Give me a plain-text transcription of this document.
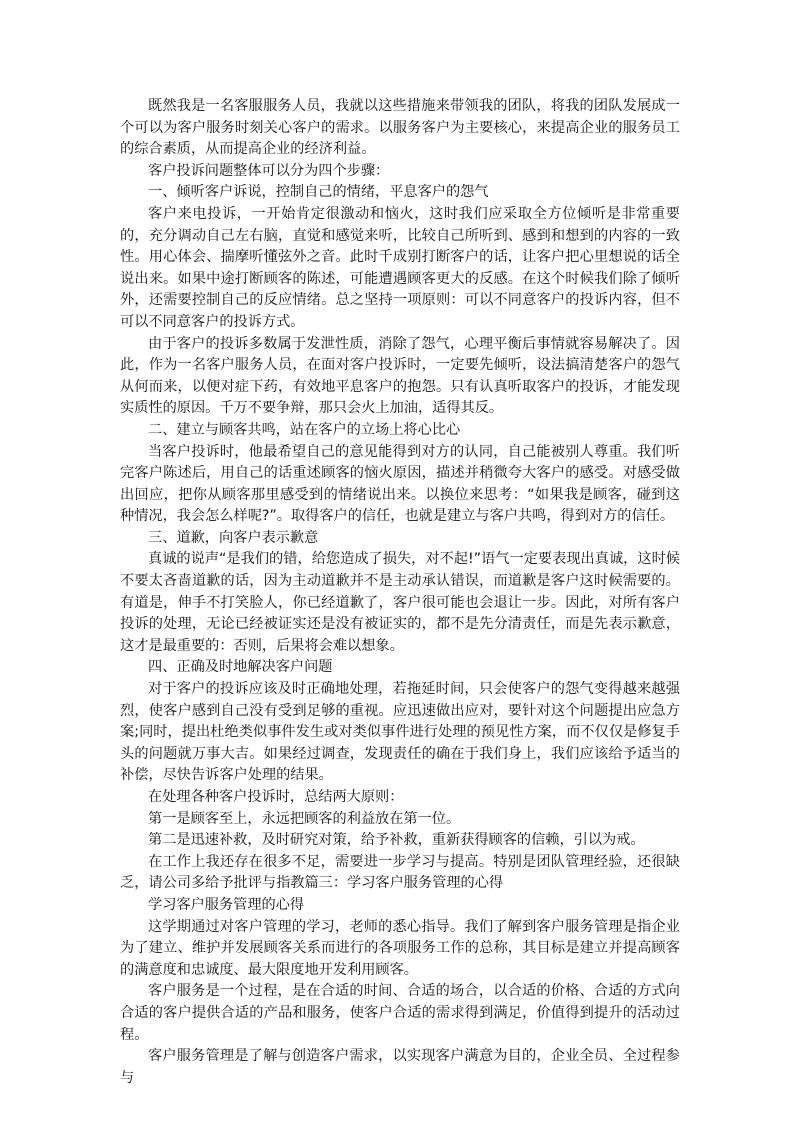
既然我是一名客服服务人员，我就以这些措施来带领我的团队，将我的团队发展成一个可以为客户服务时刻关心客户的需求。以服务客户为主要核心，来提高企业的服务员工的综合素质，从而提高企业的经济利益。

客户投诉问题整体可以分为四个步骤：

一、倾听客户诉说，控制自己的情绪，平息客户的怨气

客户来电投诉，一开始肯定很激动和恼火，这时我们应采取全方位倾听是非常重要的，充分调动自己左右脑，直觉和感觉来听，比较自己所听到、感到和想到的内容的一致性。用心体会、揣摩听懂弦外之音。此时千成别打断客户的话，让客户把心里想说的话全说出来。如果中途打断顾客的陈述，可能遭遇顾客更大的反感。在这个时候我们除了倾听外，还需要控制自己的反应情绪。总之坚持一项原则：可以不同意客户的投诉内容，但不可以不同意客户的投诉方式。

由于客户的投诉多数属于发泄性质，消除了怨气，心理平衡后事情就容易解决了。因此，作为一名客户服务人员，在面对客户投诉时，一定要先倾听，设法搞清楚客户的怨气从何而来，以便对症下药，有效地平息客户的抱怨。只有认真听取客户的投诉，才能发现实质性的原因。千万不要争辩，那只会火上加油，适得其反。

二、建立与顾客共鸣，站在客户的立场上将心比心

当客户投诉时，他最希望自己的意见能得到对方的认同，自己能被别人尊重。我们听完客户陈述后，用自己的话重述顾客的恼火原因，描述并稍微夸大客户的感受。对感受做出回应，把你从顾客那里感受到的情绪说出来。以换位来思考：“如果我是顾客，碰到这种情况，我会怎么样呢?”。取得客户的信任，也就是建立与客户共鸣，得到对方的信任。

三、道歉，向客户表示歉意

真诚的说声“是我们的错，给您造成了损失，对不起!”语气一定要表现出真诚，这时候不要太吝啬道歉的话，因为主动道歉并不是主动承认错误，而道歉是客户这时候需要的。有道是，伸手不打笑脸人，你已经道歉了，客户很可能也会退让一步。因此，对所有客户投诉的处理，无论已经被证实还是没有被证实的，都不是先分清责任，而是先表示歉意，这才是最重要的：否则，后果将会难以想象。

四、正确及时地解决客户问题

对于客户的投诉应该及时正确地处理，若拖延时间，只会使客户的怨气变得越来越强烈，使客户感到自己没有受到足够的重视。应迅速做出应对，要针对这个问题提出应急方案;同时，提出杜绝类似事件发生或对类似事件进行处理的预见性方案，而不仅仅是修复手头的问题就万事大吉。如果经过调查，发现责任的确在于我们身上，我们应该给予适当的补偿，尽快告诉客户处理的结果。

在处理各种客户投诉时，总结两大原则：

第一是顾客至上，永远把顾客的利益放在第一位。

第二是迅速补救，及时研究对策，给予补救，重新获得顾客的信赖，引以为戒。

在工作上我还存在很多不足，需要进一步学习与提高。特别是团队管理经验，还很缺乏，请公司多给予批评与指教篇三：学习客户服务管理的心得

学习客户服务管理的心得

这学期通过对客户管理的学习，老师的悉心指导。我们了解到客户服务管理是指企业为了建立、维护并发展顾客关系而进行的各项服务工作的总称，其目标是建立并提高顾客的满意度和忠诚度、最大限度地开发利用顾客。

客户服务是一个过程，是在合适的时间、合适的场合，以合适的价格、合适的方式向合适的客户提供合适的产品和服务，使客户合适的需求得到满足，价值得到提升的活动过程。

客户服务管理是了解与创造客户需求，以实现客户满意为目的，企业全员、全过程参与
